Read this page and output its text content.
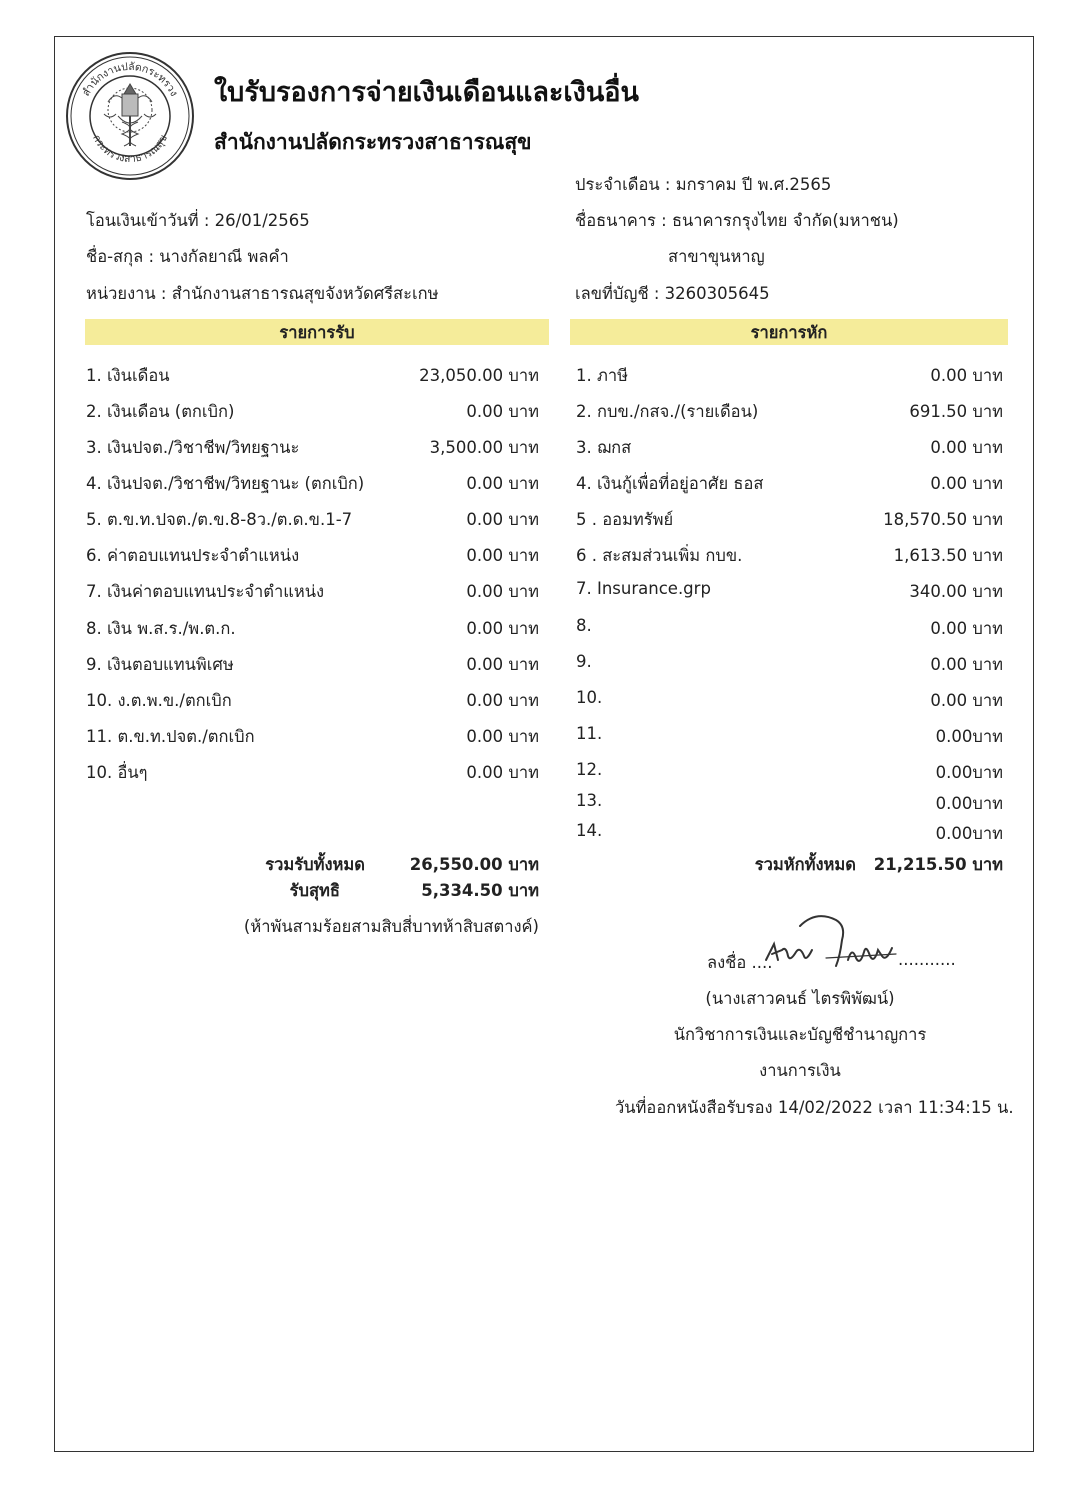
สำนักงานปลัดกระทรวง
กระทรวงสาธารณสุข
ใบรับรองการจ่ายเงินเดือนและเงินอื่น
สำนักงานปลัดกระทรวงสาธารณสุข
ประจำเดือน : มกราคม ปี พ.ศ.2565
โอนเงินเข้าวันที่ : 26/01/2565	ชื่อธนาคาร : ธนาคารกรุงไทย จำกัด(มหาชน)
ชื่อ-สกุล : นางกัลยาณี พลคำ	สาขาขุนหาญ
หน่วยงาน : สำนักงานสาธารณสุขจังหวัดศรีสะเกษ	เลขที่บัญชี : 3260305645
รายการรับ	รายการหัก
1. เงินเดือน	23,050.00 บาท
2. เงินเดือน (ตกเบิก)	0.00 บาท
3. เงินปจต./วิชาชีพ/วิทยฐานะ	3,500.00 บาท
4. เงินปจต./วิชาชีพ/วิทยฐานะ (ตกเบิก)	0.00 บาท
5. ต.ข.ท.ปจต./ต.ข.8-8ว./ต.ด.ข.1-7	0.00 บาท
6. ค่าตอบแทนประจำตำแหน่ง	0.00 บาท
7. เงินค่าตอบแทนประจำตำแหน่ง	0.00 บาท
8. เงิน พ.ส.ร./พ.ต.ก.	0.00 บาท
9. เงินตอบแทนพิเศษ	0.00 บาท
10. ง.ต.พ.ข./ตกเบิก	0.00 บาท
11. ต.ข.ท.ปจต./ตกเบิก	0.00 บาท
10. อื่นๆ	0.00 บาท
1. ภาษี	0.00 บาท
2. กบข./กสจ./(รายเดือน)	691.50 บาท
3. ฌกส	0.00 บาท
4. เงินกู้เพื่อที่อยู่อาศัย ธอส	0.00 บาท
5 . ออมทรัพย์	18,570.50 บาท
6 . สะสมส่วนเพิ่ม กบข.	1,613.50 บาท
7. Insurance.grp	340.00 บาท
8.	0.00 บาท
9.	0.00 บาท
10.	0.00 บาท
11.	0.00บาท
12.	0.00บาท
13.	0.00บาท
14.	0.00บาท
รวมรับทั้งหมด	26,550.00 บาท
รับสุทธิ	5,334.50 บาท
(ห้าพันสามร้อยสามสิบสี่บาทห้าสิบสตางค์)
รวมหักทั้งหมด 21,215.50 บาท
ลงชื่อ ....	...........
(นางเสาวคนธ์ ไตรพิพัฒน์)
นักวิชาการเงินและบัญชีชำนาญการ
งานการเงิน
วันที่ออกหนังสือรับรอง 14/02/2022 เวลา 11:34:15 น.
